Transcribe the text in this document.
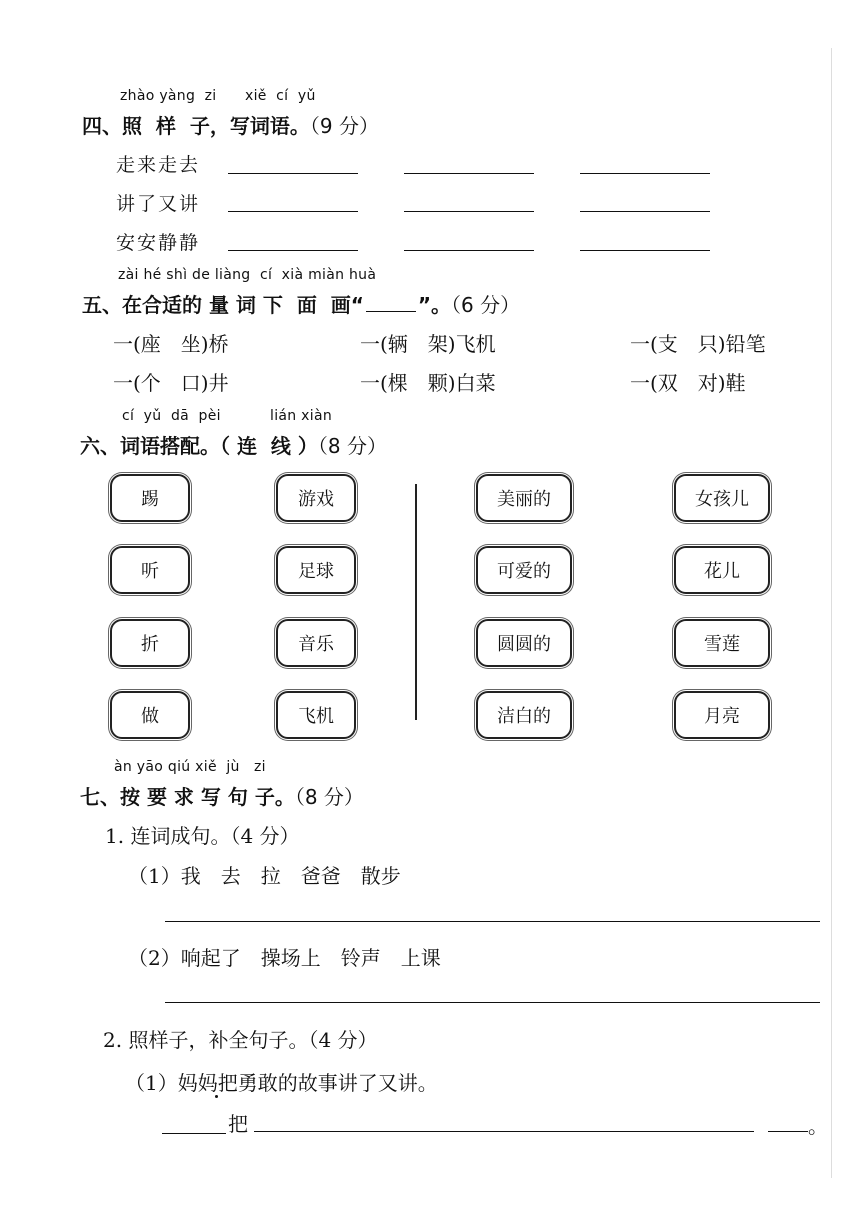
zhào yàng  zi      xiě  cí  yǔ
四、照  样  子，写词语。（9 分）
走来走去
讲了又讲
安安静静
zài hé shì de liàng  cí  xià miàn huà
五、在合适的 量 词 下  面  画“	”。（6 分）
一(座　坐)桥	一(辆　架)飞机	一(支　只)铅笔
一(个　口)井	一(棵　颗)白菜	一(双　对)鞋
cí  yǔ  dā  pèi	lián xiàn
六、词语搭配。（ 连  线 ）（8 分）
踢
听
折
做
游戏
足球
音乐
飞机
美丽的
可爱的
圆圆的
洁白的
女孩儿
花儿
雪莲
月亮
àn yāo qiú xiě  jù   zi
七、按 要 求 写 句 子。（8 分）
1. 连词成句。（4 分）
（1）我　去　拉　爸爸　散步
（2）响起了　操场上　铃声　上课
2. 照样子，补全句子。（4 分）
（1）妈妈把勇敢的故事讲了又讲。
把	。
